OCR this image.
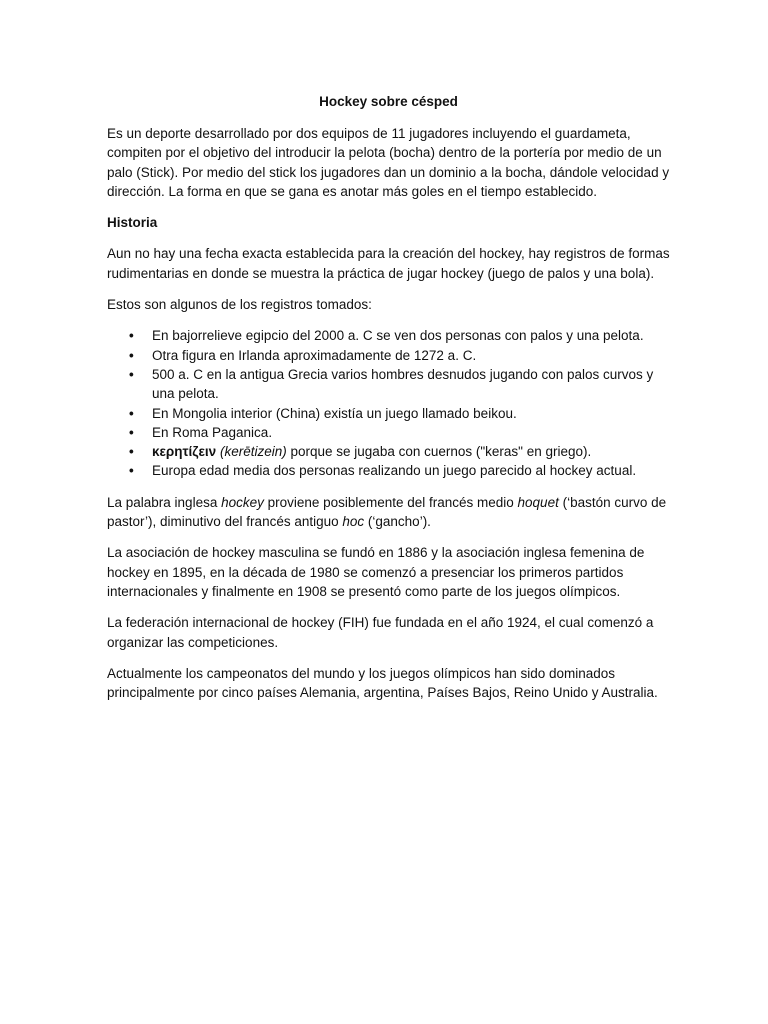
Hockey sobre césped

Es un deporte desarrollado por dos equipos de 11 jugadores incluyendo el guardameta, compiten por el objetivo del introducir la pelota (bocha) dentro de la portería por medio de un palo (Stick). Por medio del stick los jugadores dan un dominio a la bocha, dándole velocidad y dirección. La forma en que se gana es anotar más goles en el tiempo establecido.

Historia

Aun no hay una fecha exacta establecida para la creación del hockey, hay registros de formas rudimentarias en donde se muestra la práctica de jugar hockey (juego de palos y una bola).

Estos son algunos de los registros tomados:

• En bajorrelieve egipcio del 2000 a. C se ven dos personas con palos y una pelota.
• Otra figura en Irlanda aproximadamente de 1272 a. C.
• 500 a. C en la antigua Grecia varios hombres desnudos jugando con palos curvos y una pelota.
• En Mongolia interior (China) existía un juego llamado beikou.
• En Roma Paganica.
• κερητίζειν (kerētizein) porque se jugaba con cuernos ("keras" en griego).
• Europa edad media dos personas realizando un juego parecido al hockey actual.

La palabra inglesa hockey proviene posiblemente del francés medio hoquet (‘bastón curvo de pastor’), diminutivo del francés antiguo hoc (‘gancho’).

La asociación de hockey masculina se fundó en 1886 y la asociación inglesa femenina de hockey en 1895, en la década de 1980 se comenzó a presenciar los primeros partidos internacionales y finalmente en 1908 se presentó como parte de los juegos olímpicos.

La federación internacional de hockey (FIH) fue fundada en el año 1924, el cual comenzó a organizar las competiciones.

Actualmente los campeonatos del mundo y los juegos olímpicos han sido dominados principalmente por cinco países Alemania, argentina, Países Bajos, Reino Unido y Australia.
